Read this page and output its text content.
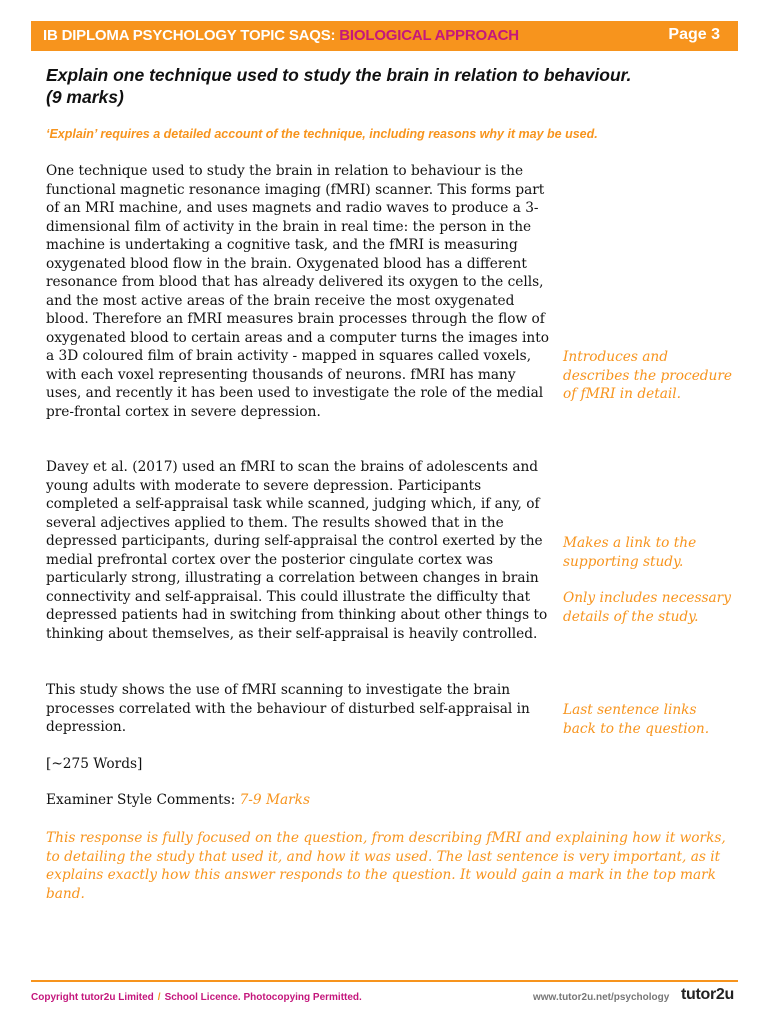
IB DIPLOMA PSYCHOLOGY TOPIC SAQS: BIOLOGICAL APPROACH	Page 3
Explain one technique used to study the brain in relation to behaviour.
(9 marks)
‘Explain’ requires a detailed account of the technique, including reasons why it may be used.

One technique used to study the brain in relation to behaviour is the functional magnetic resonance imaging (fMRI) scanner. This forms part of an MRI machine, and uses magnets and radio waves to produce a 3-dimensional film of activity in the brain in real time: the person in the machine is undertaking a cognitive task, and the fMRI is measuring oxygenated blood flow in the brain. Oxygenated blood has a different resonance from blood that has already delivered its oxygen to the cells, and the most active areas of the brain receive the most oxygenated blood. Therefore an fMRI measures brain processes through the flow of oxygenated blood to certain areas and a computer turns the images into a 3D coloured film of brain activity - mapped in squares called voxels, with each voxel representing thousands of neurons. fMRI has many uses, and recently it has been used to investigate the role of the medial pre-frontal cortex in severe depression.

Davey et al. (2017) used an fMRI to scan the brains of adolescents and young adults with moderate to severe depression. Participants completed a self-appraisal task while scanned, judging which, if any, of several adjectives applied to them. The results showed that in the depressed participants, during self-appraisal the control exerted by the medial prefrontal cortex over the posterior cingulate cortex was particularly strong, illustrating a correlation between changes in brain connectivity and self-appraisal. This could illustrate the difficulty that depressed patients had in switching from thinking about other things to thinking about themselves, as their self-appraisal is heavily controlled.

This study shows the use of fMRI scanning to investigate the brain processes correlated with the behaviour of disturbed self-appraisal in depression.

Introduces and describes the procedure of fMRI in detail.
Makes a link to the supporting study.
Only includes necessary details of the study.
Last sentence links back to the question.
[~275 Words]
Examiner Style Comments: 7-9 Marks
This response is fully focused on the question, from describing fMRI and explaining how it works, to detailing the study that used it, and how it was used. The last sentence is very important, as it explains exactly how this answer responds to the question. It would gain a mark in the top mark band.
Copyright tutor2u Limited / School Licence. Photocopying Permitted.	www.tutor2u.net/psychology tutor2u
